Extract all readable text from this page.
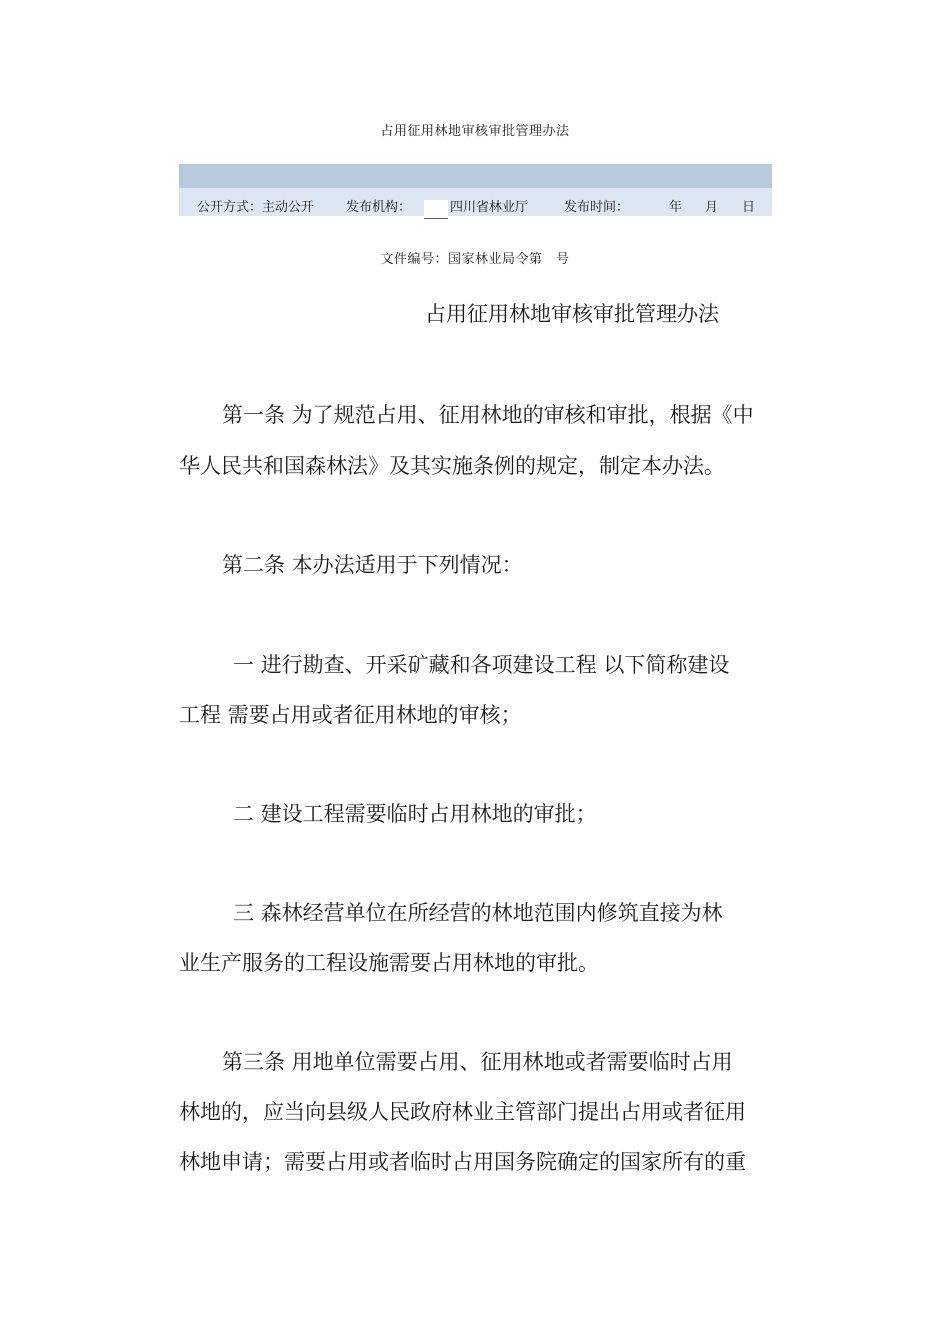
占用征用林地审核审批管理办法
公开方式：主动公开 发布机构：	四川省林业厅	发布时间：	年 月 日
文件编号：国家林业局令第　号
占用征用林地审核审批管理办法
第一条 为了规范占用、征用林地的审核和审批，根据《中
华人民共和国森林法》及其实施条例的规定，制定本办法。
第二条 本办法适用于下列情况：
一 进行勘查、开采矿藏和各项建设工程 以下简称建设
工程 需要占用或者征用林地的审核；
二 建设工程需要临时占用林地的审批；
三 森林经营单位在所经营的林地范围内修筑直接为林
业生产服务的工程设施需要占用林地的审批。
第三条 用地单位需要占用、征用林地或者需要临时占用
林地的，应当向县级人民政府林业主管部门提出占用或者征用
林地申请；需要占用或者临时占用国务院确定的国家所有的重
